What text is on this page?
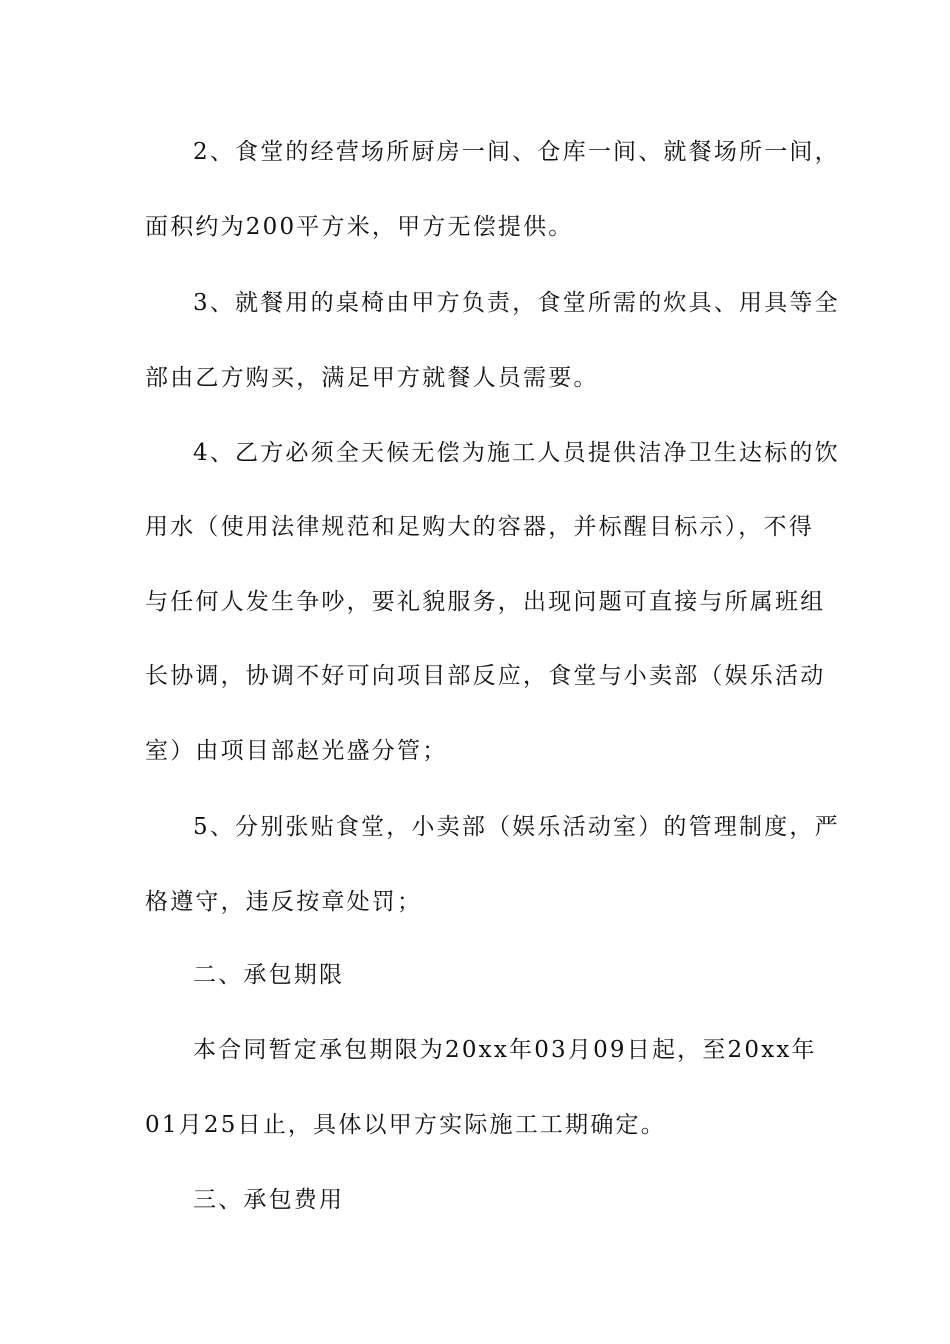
2、食堂的经营场所厨房一间、仓库一间、就餐场所一间，
面积约为200平方米，甲方无偿提供。
3、就餐用的桌椅由甲方负责，食堂所需的炊具、用具等全
部由乙方购买，满足甲方就餐人员需要。
4、乙方必须全天候无偿为施工人员提供洁净卫生达标的饮
用水（使用法律规范和足购大的容器，并标醒目标示），不得
与任何人发生争吵，要礼貌服务，出现问题可直接与所属班组
长协调，协调不好可向项目部反应，食堂与小卖部（娱乐活动
室）由项目部赵光盛分管；
5、分别张贴食堂，小卖部（娱乐活动室）的管理制度，严
格遵守，违反按章处罚；
二、承包期限
本合同暂定承包期限为20xx年03月09日起，至20xx年
01月25日止，具体以甲方实际施工工期确定。
三、承包费用
